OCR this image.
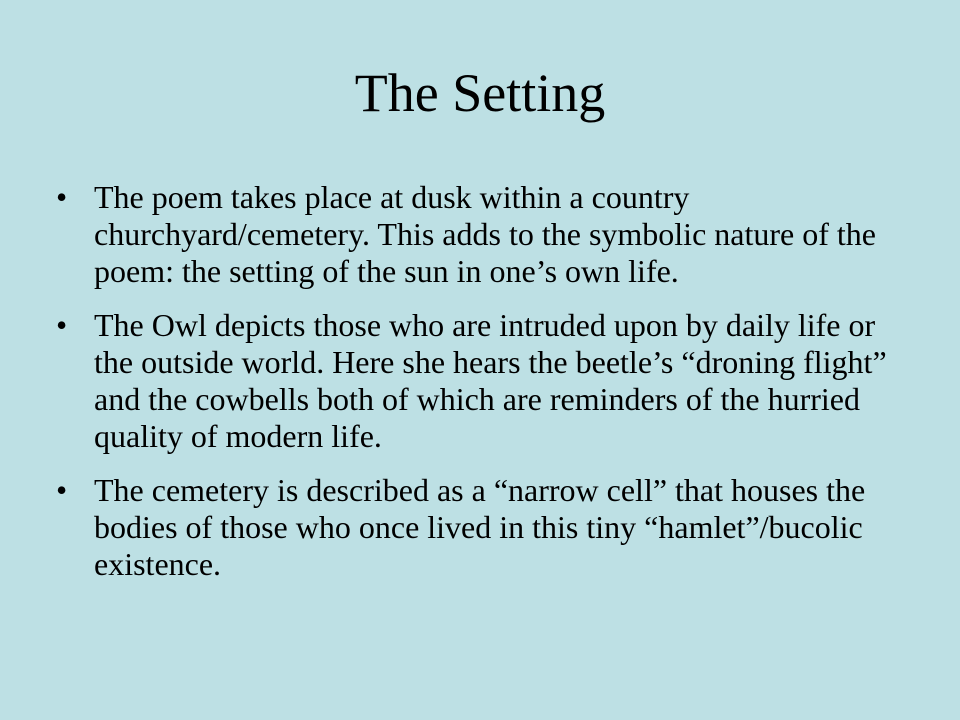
The Setting
• The poem takes place at dusk within a country churchyard/cemetery. This adds to the symbolic nature of the poem: the setting of the sun in one’s own life.
• The Owl depicts those who are intruded upon by daily life or the outside world. Here she hears the beetle’s “droning flight” and the cowbells both of which are reminders of the hurried quality of modern life.
• The cemetery is described as a “narrow cell” that houses the bodies of those who once lived in this tiny “hamlet”/bucolic existence.
